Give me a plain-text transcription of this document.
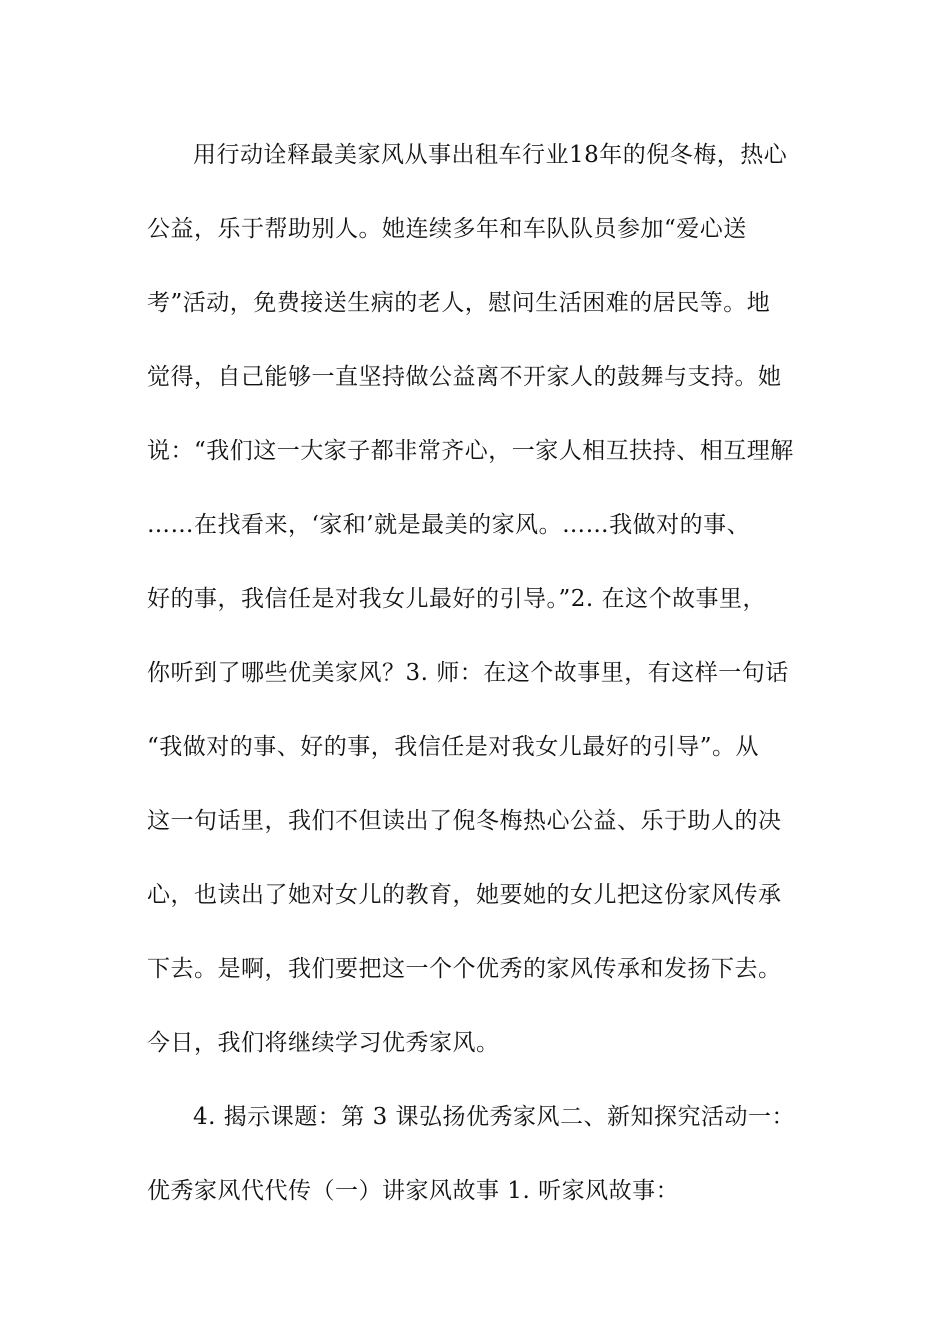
用行动诠释最美家风从事出租车行业18年的倪冬梅，热心

公益，乐于帮助别人。她连续多年和车队队员参加“爱心送

考”活动，免费接送生病的老人，慰问生活困难的居民等。地

觉得，自己能够一直坚持做公益离不开家人的鼓舞与支持。她

说：“我们这一大家子都非常齐心，一家人相互扶持、相互理解

……在找看来，‘家和’就是最美的家风。……我做对的事、

好的事，我信任是对我女儿最好的引导。”2. 在这个故事里，

你听到了哪些优美家风？3. 师：在这个故事里，有这样一句话

“我做对的事、好的事，我信任是对我女儿最好的引导”。从

这一句话里，我们不但读出了倪冬梅热心公益、乐于助人的决

心，也读出了她对女儿的教育，她要她的女儿把这份家风传承

下去。是啊，我们要把这一个个优秀的家风传承和发扬下去。

今日，我们将继续学习优秀家风。

4. 揭示课题：第 3 课弘扬优秀家风二、新知探究活动一：

优秀家风代代传（一）讲家风故事 1. 听家风故事：
